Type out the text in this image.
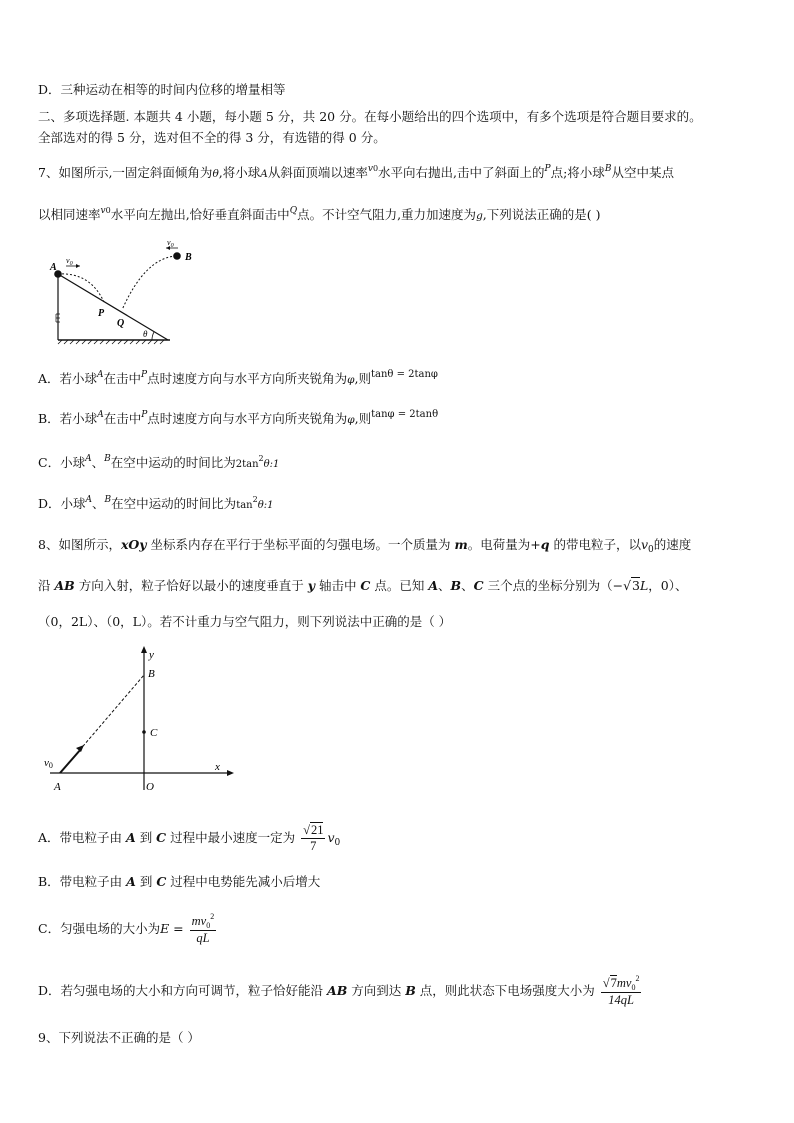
D．三种运动在相等的时间内位移的增量相等
二、多项选择题. 本题共 4 小题，每小题 5 分，共 20 分。在每小题给出的四个选项中，有多个选项是符合题目要求的。
全部选对的得 5 分，选对但不全的得 3 分，有选错的得 0 分。
7、如图所示,一固定斜面倾角为θ,将小球A从斜面顶端以速率$^{v0}$水平向右抛出,击中了斜面上的$^P$点;将小球$^B$从空中某点
以相同速率$^{v0}$水平向左抛出,恰好垂直斜面击中$^Q$点。不计空气阻力,重力加速度为g,下列说法正确的是( )
A
B
P
Q
θ
$v_0$
$v_0$
A．若小球$^A$在击中$^P$点时速度方向与水平方向所夹锐角为φ,则$^{tan\theta = 2tan\varphi}$
B．若小球$^A$在击中$^P$点时速度方向与水平方向所夹锐角为φ,则$^{tan\varphi = 2tan\theta}$
C．小球$^A$、$^B$在空中运动的时间比为$2\tan^2\theta:1$
D．小球$^A$、$^B$在空中运动的时间比为$\tan^2\theta:1$
8、如图所示，xOy 坐标系内存在平行于坐标平面的匀强电场。一个质量为 m。电荷量为+q 的带电粒子，以$v_0$的速度
沿 AB 方向入射，粒子恰好以最小的速度垂直于 y 轴击中 C 点。已知 A、B、C 三个点的坐标分别为（−√3L，0）、
（0，2L）、（0，L）。若不计重力与空气阻力，则下列说法中正确的是（ ）
y
x
B
C
A	O
v0
A．带电粒子由 A 到 C 过程中最小速度一定为 $\frac{√21}{7} v_0$
B．带电粒子由 A 到 C 过程中电势能先减小后增大
C．匀强电场的大小为$E = \frac{mv_0^2}{qL}$
D．若匀强电场的大小和方向可调节，粒子恰好能沿 AB 方向到达 B 点，则此状态下电场强度大小为 $\frac{√7mv_0^2}{14qL}$
9、下列说法不正确的是（ ）
